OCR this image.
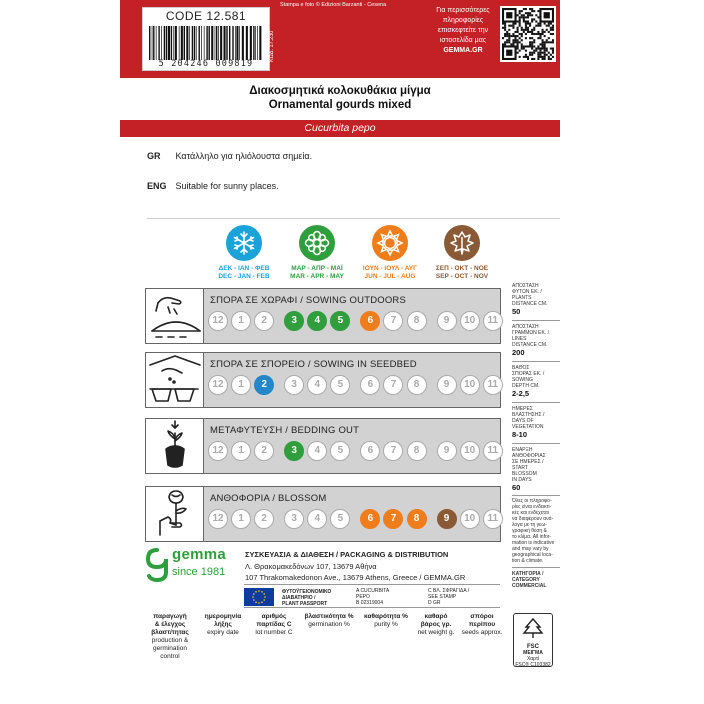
CODE 12.581
5 204246 009819
ΚΩΔ. 17.230
Stampa e foto © Edizioni Barzanti - Cesena
Για περισσότερες
πληροφορίες
επισκεφτείτε την
ιστοσελίδα μας
GEMMA.GR
Διακοσμητικά κολοκυθάκια μίγμα
Ornamental gourds mixed
Cucurbita pepo
GR Κατάλληλο για ηλιόλουστα σημεία.
ENG Suitable for sunny places.
ΔΕΚ - ΙΑΝ - ΦΕΒ
DEC - JAN - FEB
ΜΑΡ - ΑΠΡ - ΜΑΪ
MAR - APR - MAY
ΙΟΥΝ - ΙΟΥΛ - ΑΥΓ
JUN - JUL - AUG
ΣΕΠ - ΟΚΤ - ΝΟΕ
SEP - OCT - NOV
ΣΠΟΡΑ ΣΕ ΧΩΡΑΦΙ / SOWING OUTDOORS
12 1 2 3 4 5 6 7 8 9 10 11
ΣΠΟΡΑ ΣΕ ΣΠΟΡΕΙΟ / SOWING IN SEEDBED
12 1 2 3 4 5 6 7 8 9 10 11
ΜΕΤΑΦΥΤΕΥΣΗ / BEDDING OUT
12 1 2 3 4 5 6 7 8 9 10 11
ΑΝΘΟΦΟΡΙΑ / BLOSSOM
12 1 2 3 4 5 6 7 8 9 10 11
ΑΠΟΣΤΑΣΗ
ΦΥΤΩΝ ΕΚ. /
PLANTS
DISTANCE CM.
50
ΑΠΟΣΤΑΣΗ
ΓΡΑΜΜΩΝ ΕΚ. /
LINES
DISTANCE CM.
200
ΒΑΘΟΣ
ΣΠΟΡΑΣ ΕΚ. /
SOWING
DEPTH CM.
2-2,5
ΗΜΕΡΕΣ
ΒΛΑΣΤΗΣΗΣ /
DAYS OF
VEGETATION
8-10
ΕΝΑΡΞΗ
ΑΝΘΟΦΟΡΙΑΣ
ΣΕ ΗΜΕΡΕΣ /
START
BLOSSOM
IN DAYS
60
Όλες οι πληροφο-
ρίες είναι ενδεικτι-
κές και ενδέχεται
να διαφέρουν ανά-
λογα με τη γεω-
γραφική θέση &
το κλίμα. All infor-
mation is indicative
and may vary by
geographical loca-
tion & climate.
ΚΑΤΗΓΟΡΙΑ /
CATEGORY
COMMERCIAL
gemma
since 1981
ΣΥΣΚΕΥΑΣΙΑ & ΔΙΑΘΕΣΗ / PACKAGING & DISTRIBUTION
Λ. Θρακομακεδόνων 107, 13679 Αθήνα
107 Thrakomakedonon Ave., 13679 Athens, Greece / GEMMA.GR
ΦΥΤΟΫΓΕΙΟΝΟΜΙΚΟ
ΔΙΑΒΑΤΗΡΙΟ /
PLANT PASSPORT
A CUCURBITA
PEPO
B 02319004
C ΒΛ. ΣΦΡΑΓΙΔΑ /
SEE STAMP
D GR
παραγωγή
& έλεγχος
βλαστ/τητας
production &
germination
control
ημερομηνία
λήξης
expiry date
αριθμός
παρτίδας C
lot number C
βλαστικότητα %
germination %
καθαρότητα %
purity %
καθαρό
βάρος γρ.
net weight g.
σπόροι
περίπου
seeds approx.
FSC
ΜΕΙΓΜΑ
Χαρτί
FSC® C103382
